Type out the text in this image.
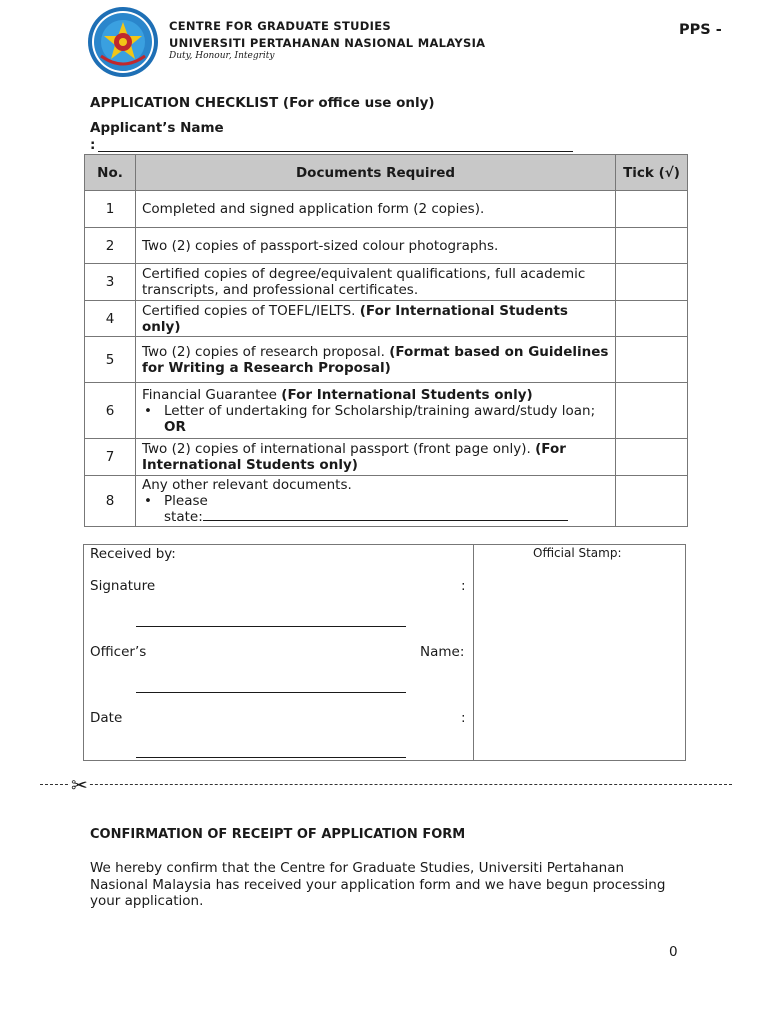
CENTRE FOR GRADUATE STUDIES
UNIVERSITI PERTAHANAN NASIONAL MALAYSIA
Duty, Honour, Integrity
PPS -
APPLICATION CHECKLIST (For office use only)
Applicant’s Name
:
No.	Documents Required	Tick (√)
1	Completed and signed application form (2 copies).	
2	Two (2) copies of passport-sized colour photographs.	
3	Certified copies of degree/equivalent qualifications, full academic transcripts, and professional certificates.	
4	Certified copies of TOEFL/IELTS. (For International Students only)	
5	Two (2) copies of research proposal. (Format based on Guidelines for Writing a Research Proposal)	
6	Financial Guarantee (For International Students only)
• Letter of undertaking for Scholarship/training award/study loan; OR

7	Two (2) copies of international passport (front page only). (For International Students only)	
8	Any other relevant documents.
• Please
state:

Received by:
Signature	:
Officer’s	Name:
Date	:
Official Stamp:
✂
CONFIRMATION OF RECEIPT OF APPLICATION FORM
We hereby confirm that the Centre for Graduate Studies, Universiti Pertahanan Nasional Malaysia has received your application form and we have begun processing your application.
0
